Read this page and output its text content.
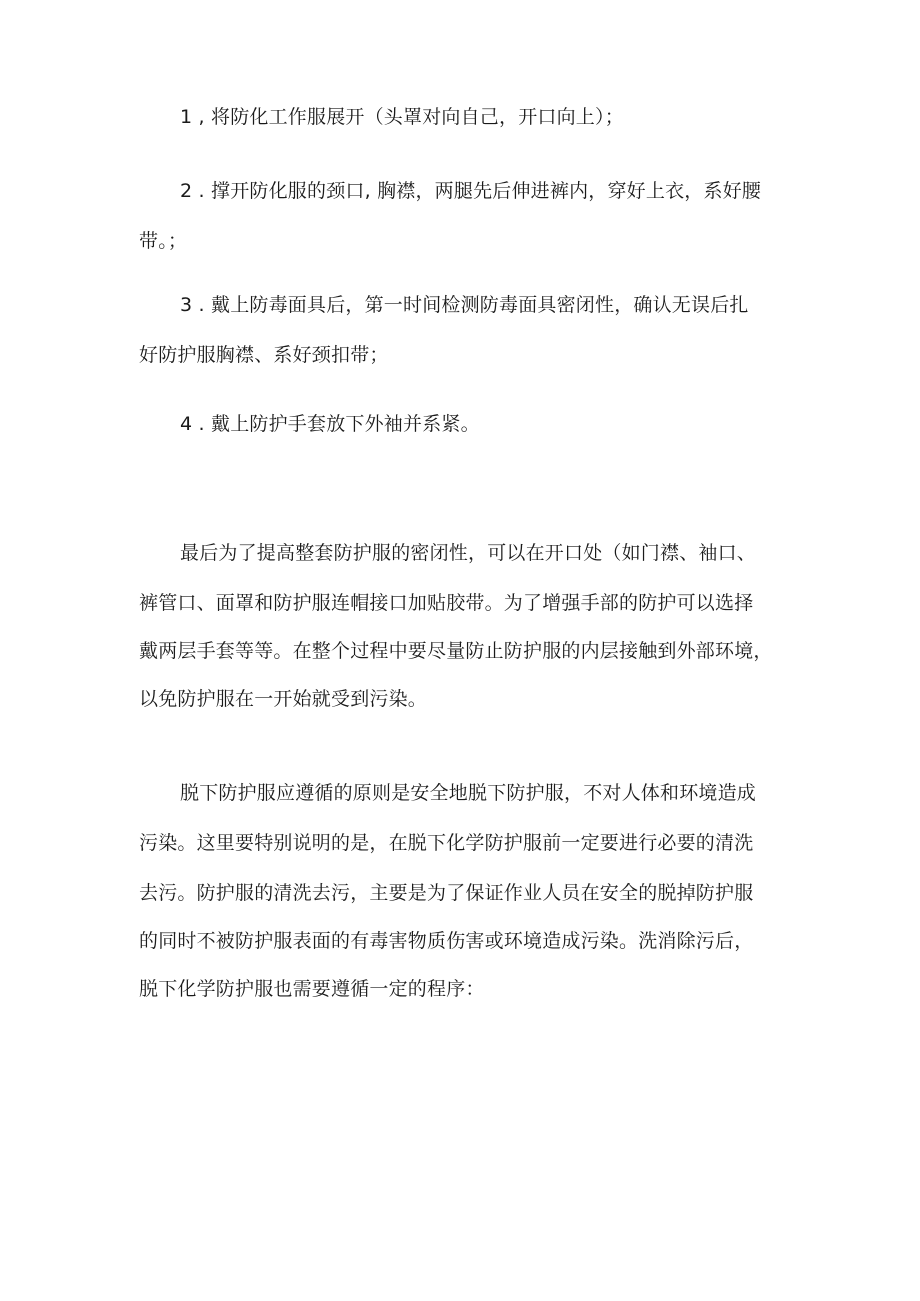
1 , 将防化工作服展开（头罩对向自己，开口向上）；
2 . 撑开防化服的颈口, 胸襟，两腿先后伸进裤内，穿好上衣，系好腰
带。；
3 . 戴上防毒面具后，第一时间检测防毒面具密闭性，确认无误后扎
好防护服胸襟、系好颈扣带；
4 . 戴上防护手套放下外袖并系紧。
最后为了提高整套防护服的密闭性，可以在开口处（如门襟、袖口、
裤管口、面罩和防护服连帽接口加贴胶带。为了增强手部的防护可以选择
戴两层手套等等。在整个过程中要尽量防止防护服的内层接触到外部环境，
以免防护服在一开始就受到污染。
脱下防护服应遵循的原则是安全地脱下防护服，不对人体和环境造成
污染。这里要特别说明的是，在脱下化学防护服前一定要进行必要的清洗
去污。防护服的清洗去污，主要是为了保证作业人员在安全的脱掉防护服
的同时不被防护服表面的有毒害物质伤害或环境造成污染。洗消除污后，
脱下化学防护服也需要遵循一定的程序：
